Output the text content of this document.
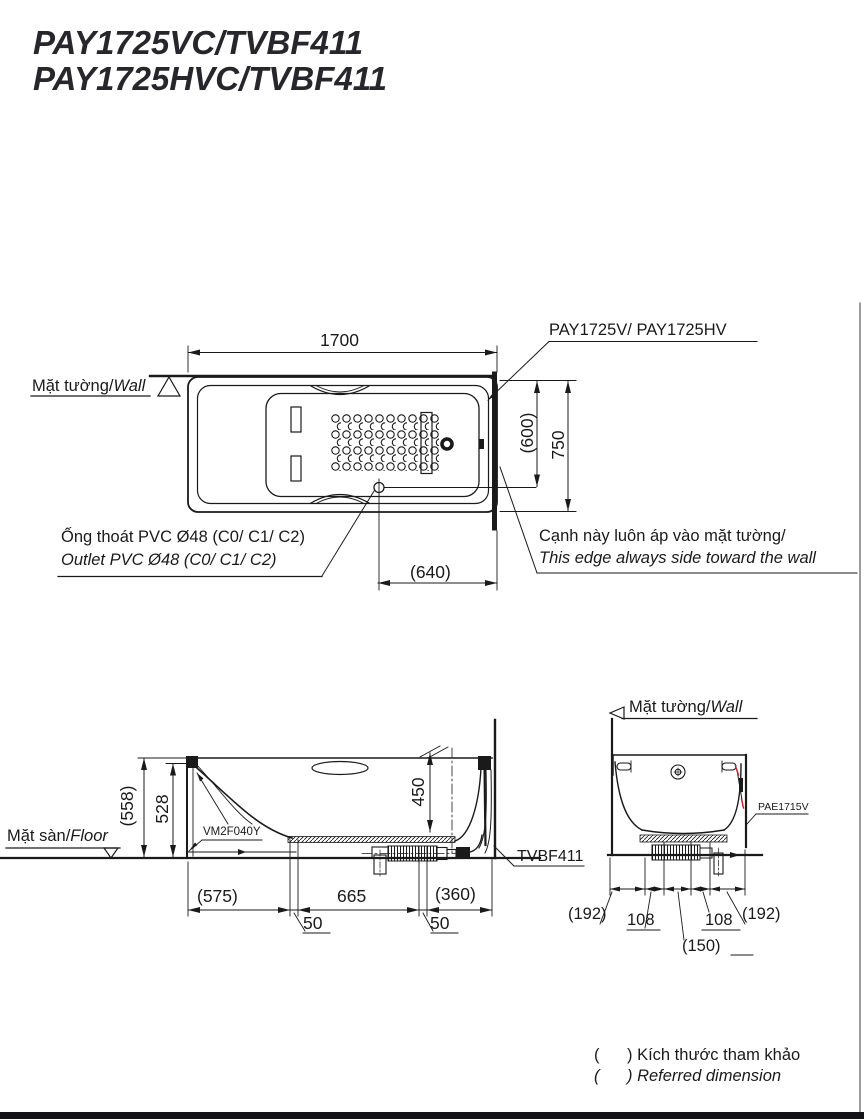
PAY1725VC/TVBF411
PAY1725HVC/TVBF411
Mặt tường/Wall
1700	PAY1725V/ PAY1725HV
(600) 750
(640)
Ống thoát PVC Ø48 (C0/ C1/ C2)
Outlet PVC Ø48 (C0/ C1/ C2)
Cạnh này luôn áp vào mặt tường/
This edge always side toward the wall
Mặt sàn/Floor
(558) 528
450
VM2F040Y
TVBF411
(575)	665	(360)
50	50
Mặt tường/Wall
PAE1715V
(192) 108
(150)
108 (192)
(      ) Kích thước tham khảo
(      ) Referred dimension
